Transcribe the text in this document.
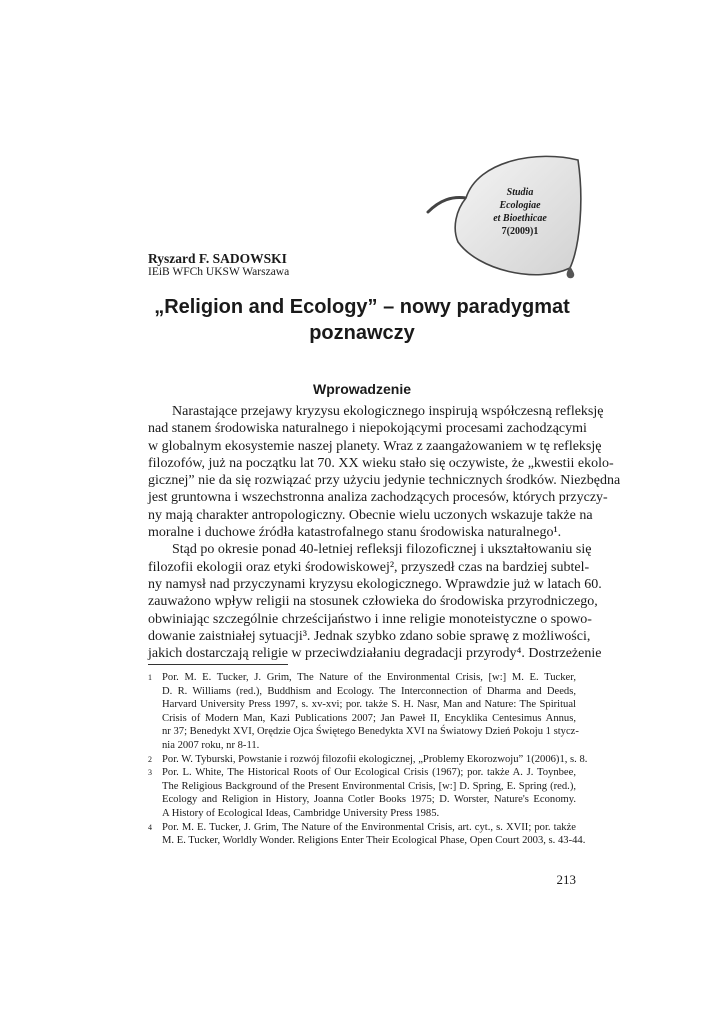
Studia
Ecologiae
et Bioethicae
7(2009)1
Ryszard F. SADOWSKI
IEiB WFCh UKSW Warszawa
„Religion and Ecology” – nowy paradygmat
poznawczy
Wprowadzenie
Narastające przejawy kryzysu ekologicznego inspirują współczesną refleksję
nad stanem środowiska naturalnego i niepokojącymi procesami zachodzącymi
w globalnym ekosystemie naszej planety. Wraz z zaangażowaniem w tę refleksję
filozofów, już na początku lat 70. XX wieku stało się oczywiste, że „kwestii ekolo-
gicznej” nie da się rozwiązać przy użyciu jedynie technicznych środków. Niezbędna
jest gruntowna i wszechstronna analiza zachodzących procesów, których przyczy-
ny mają charakter antropologiczny. Obecnie wielu uczonych wskazuje także na
moralne i duchowe źródła katastrofalnego stanu środowiska naturalnego¹.
Stąd po okresie ponad 40-letniej refleksji filozoficznej i ukształtowaniu się
filozofii ekologii oraz etyki środowiskowej², przyszedł czas na bardziej subtel-
ny namysł nad przyczynami kryzysu ekologicznego. Wprawdzie już w latach 60.
zauważono wpływ religii na stosunek człowieka do środowiska przyrodniczego,
obwiniając szczególnie chrześcijaństwo i inne religie monoteistyczne o spowo-
dowanie zaistniałej sytuacji³. Jednak szybko zdano sobie sprawę z możliwości,
jakich dostarczają religie w przeciwdziałaniu degradacji przyrody⁴. Dostrzeżenie
1 Por. M. E. Tucker, J. Grim, The Nature of the Environmental Crisis, [w:] M. E. Tucker,
D. R. Williams (red.), Buddhism and Ecology. The Interconnection of Dharma and Deeds,
Harvard University Press 1997, s. xv-xvi; por. także S. H. Nasr, Man and Nature: The Spiritual
Crisis of Modern Man, Kazi Publications 2007; Jan Paweł II, Encyklika Centesimus Annus,
nr 37; Benedykt XVI, Orędzie Ojca Świętego Benedykta XVI na Światowy Dzień Pokoju 1 stycz-
nia 2007 roku, nr 8-11.
2 Por. W. Tyburski, Powstanie i rozwój filozofii ekologicznej, „Problemy Ekorozwoju” 1(2006)1, s. 8.
3 Por. L. White, The Historical Roots of Our Ecological Crisis (1967); por. także A. J. Toynbee,
The Religious Background of the Present Environmental Crisis, [w:] D. Spring, E. Spring (red.),
Ecology and Religion in History, Joanna Cotler Books 1975; D. Worster, Nature's Economy.
A History of Ecological Ideas, Cambridge University Press 1985.
4 Por. M. E. Tucker, J. Grim, The Nature of the Environmental Crisis, art. cyt., s. XVII; por. także
M. E. Tucker, Worldly Wonder. Religions Enter Their Ecological Phase, Open Court 2003, s. 43-44.
213
